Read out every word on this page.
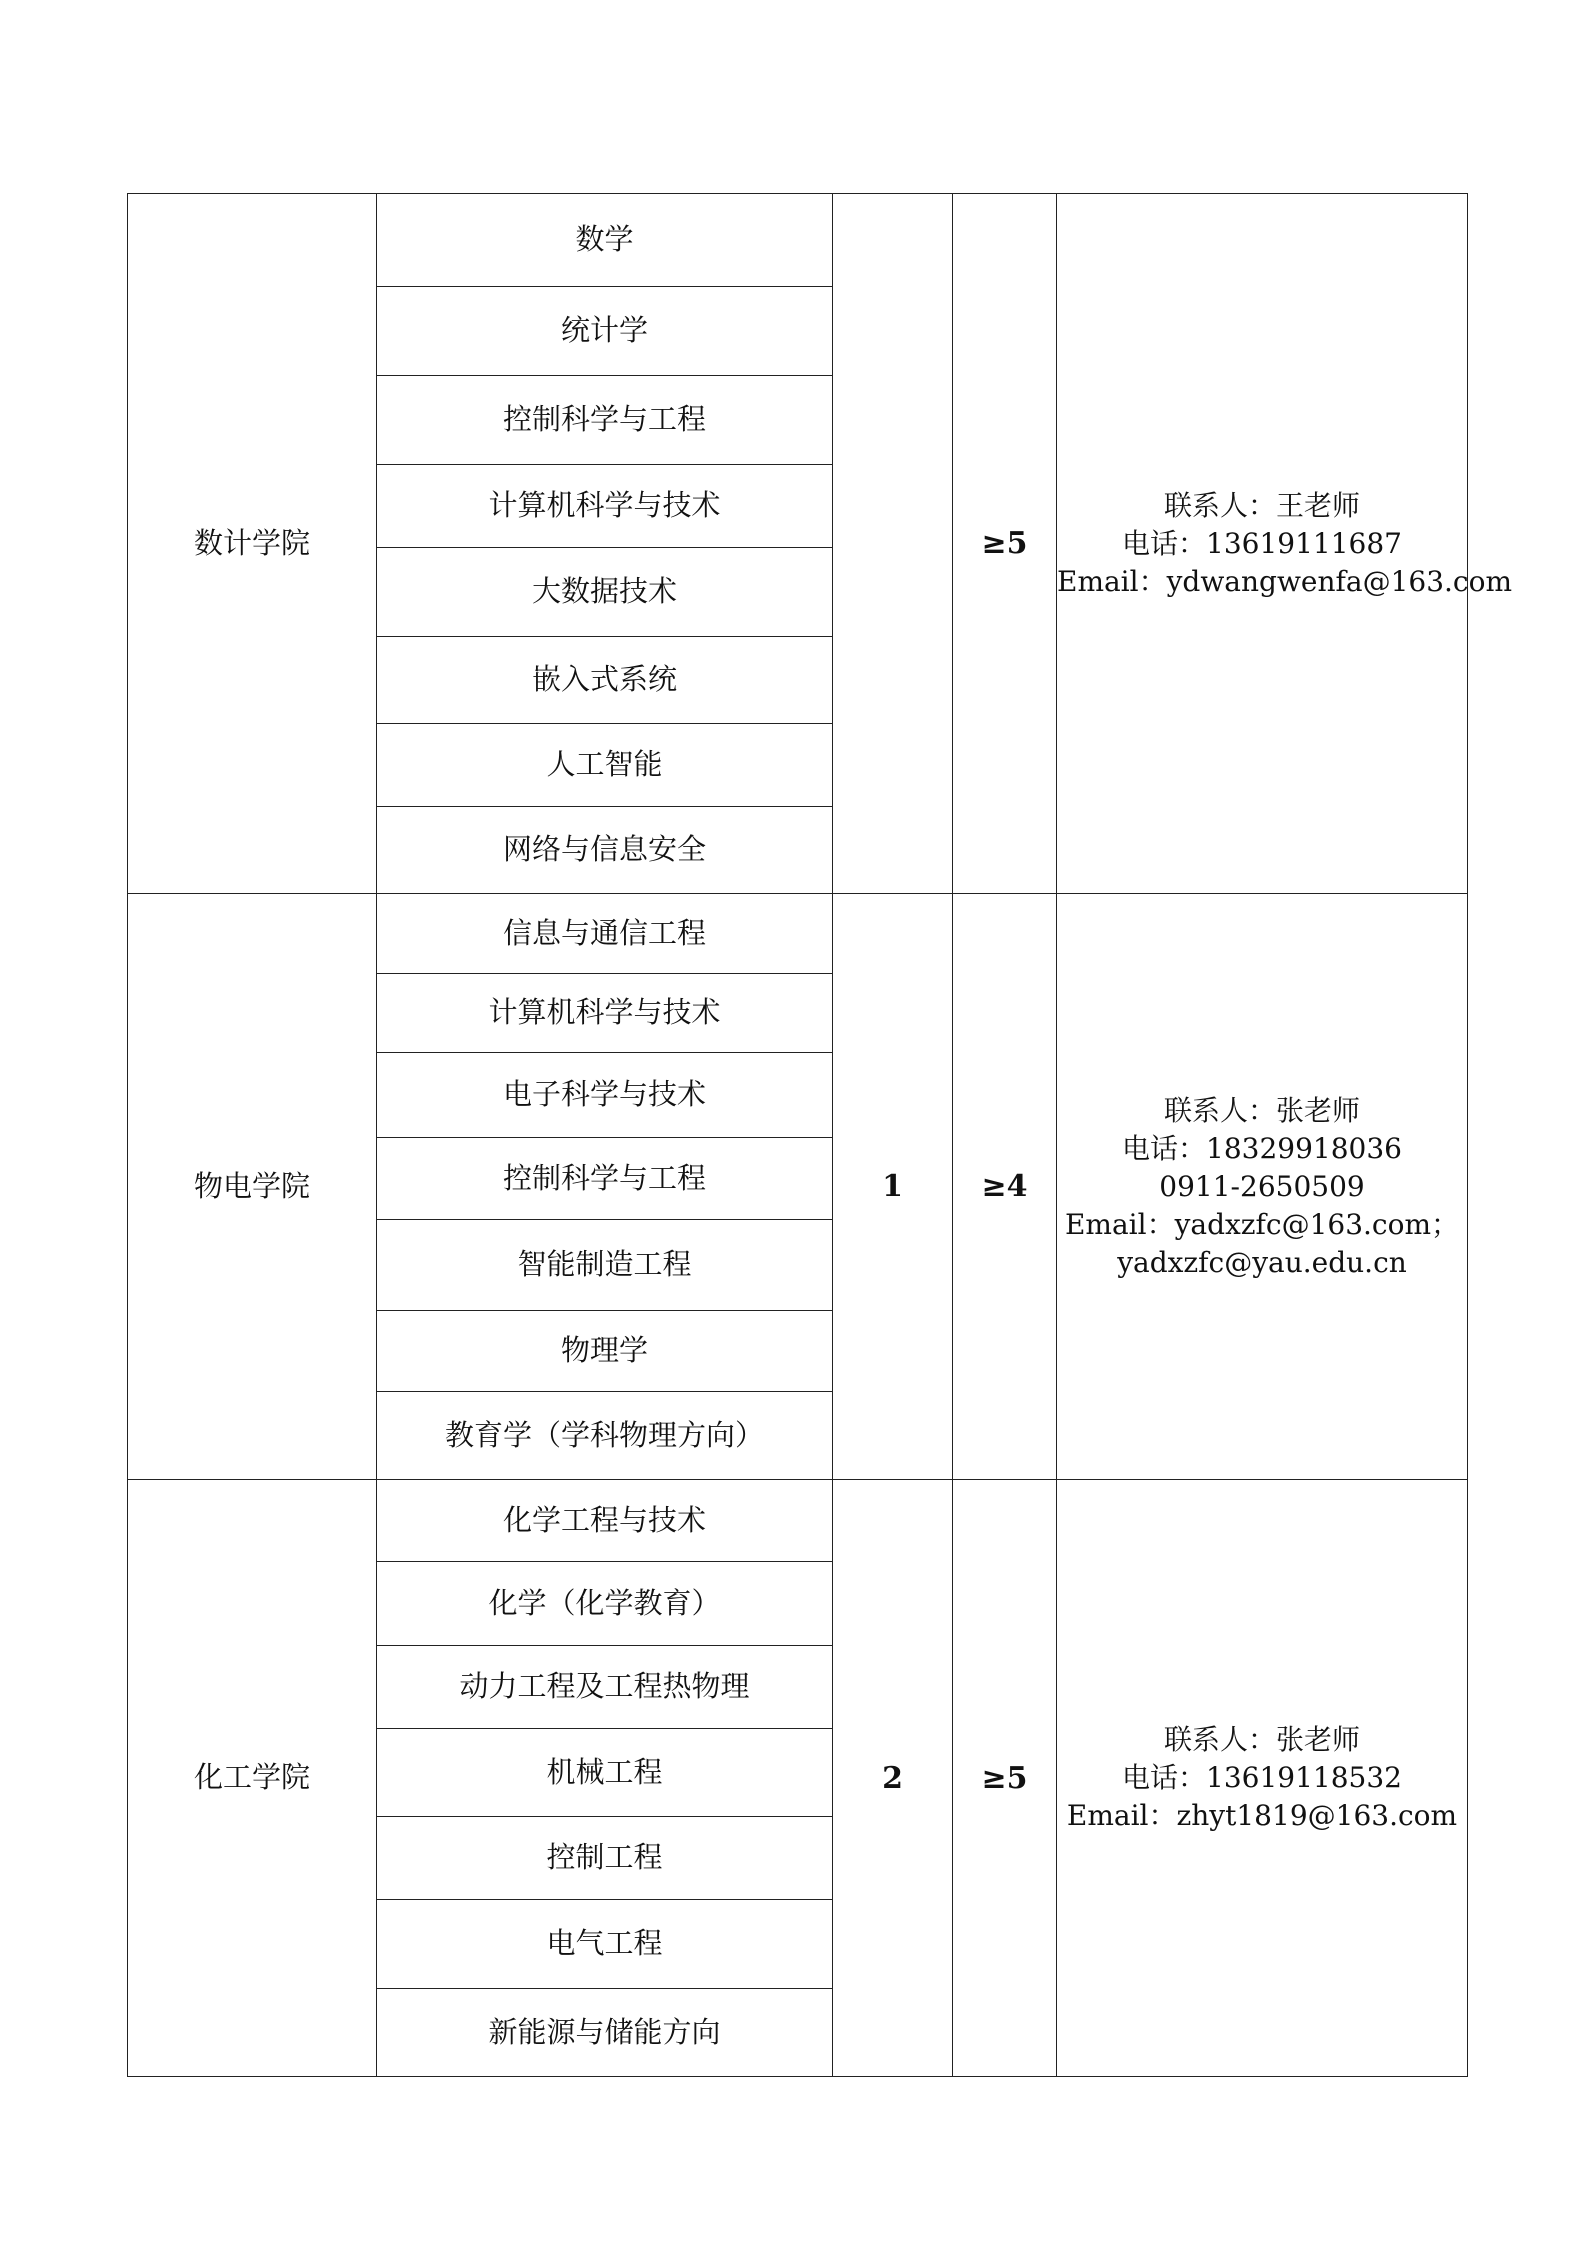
数计学院	数学		≥5	联系人：王老师
电话：13619111687
Email：ydwangwenfa@163.com

	统计学			
	控制科学与工程			
	计算机科学与技术			
	大数据技术			
	嵌入式系统			
	人工智能			
	网络与信息安全			
物电学院	信息与通信工程	1	≥4	联系人：张老师
电话：18329918036
0911-2650509
Email：yadxzfc@163.com；
yadxzfc@yau.edu.cn

	计算机科学与技术			
	电子科学与技术			
	控制科学与工程			
	智能制造工程			
	物理学			
	教育学（学科物理方向）			
化工学院	化学工程与技术	2	≥5	联系人：张老师
电话：13619118532
Email：zhyt1819@163.com

	化学（化学教育）			
	动力工程及工程热物理			
	机械工程			
	控制工程			
	电气工程			
	新能源与储能方向			
